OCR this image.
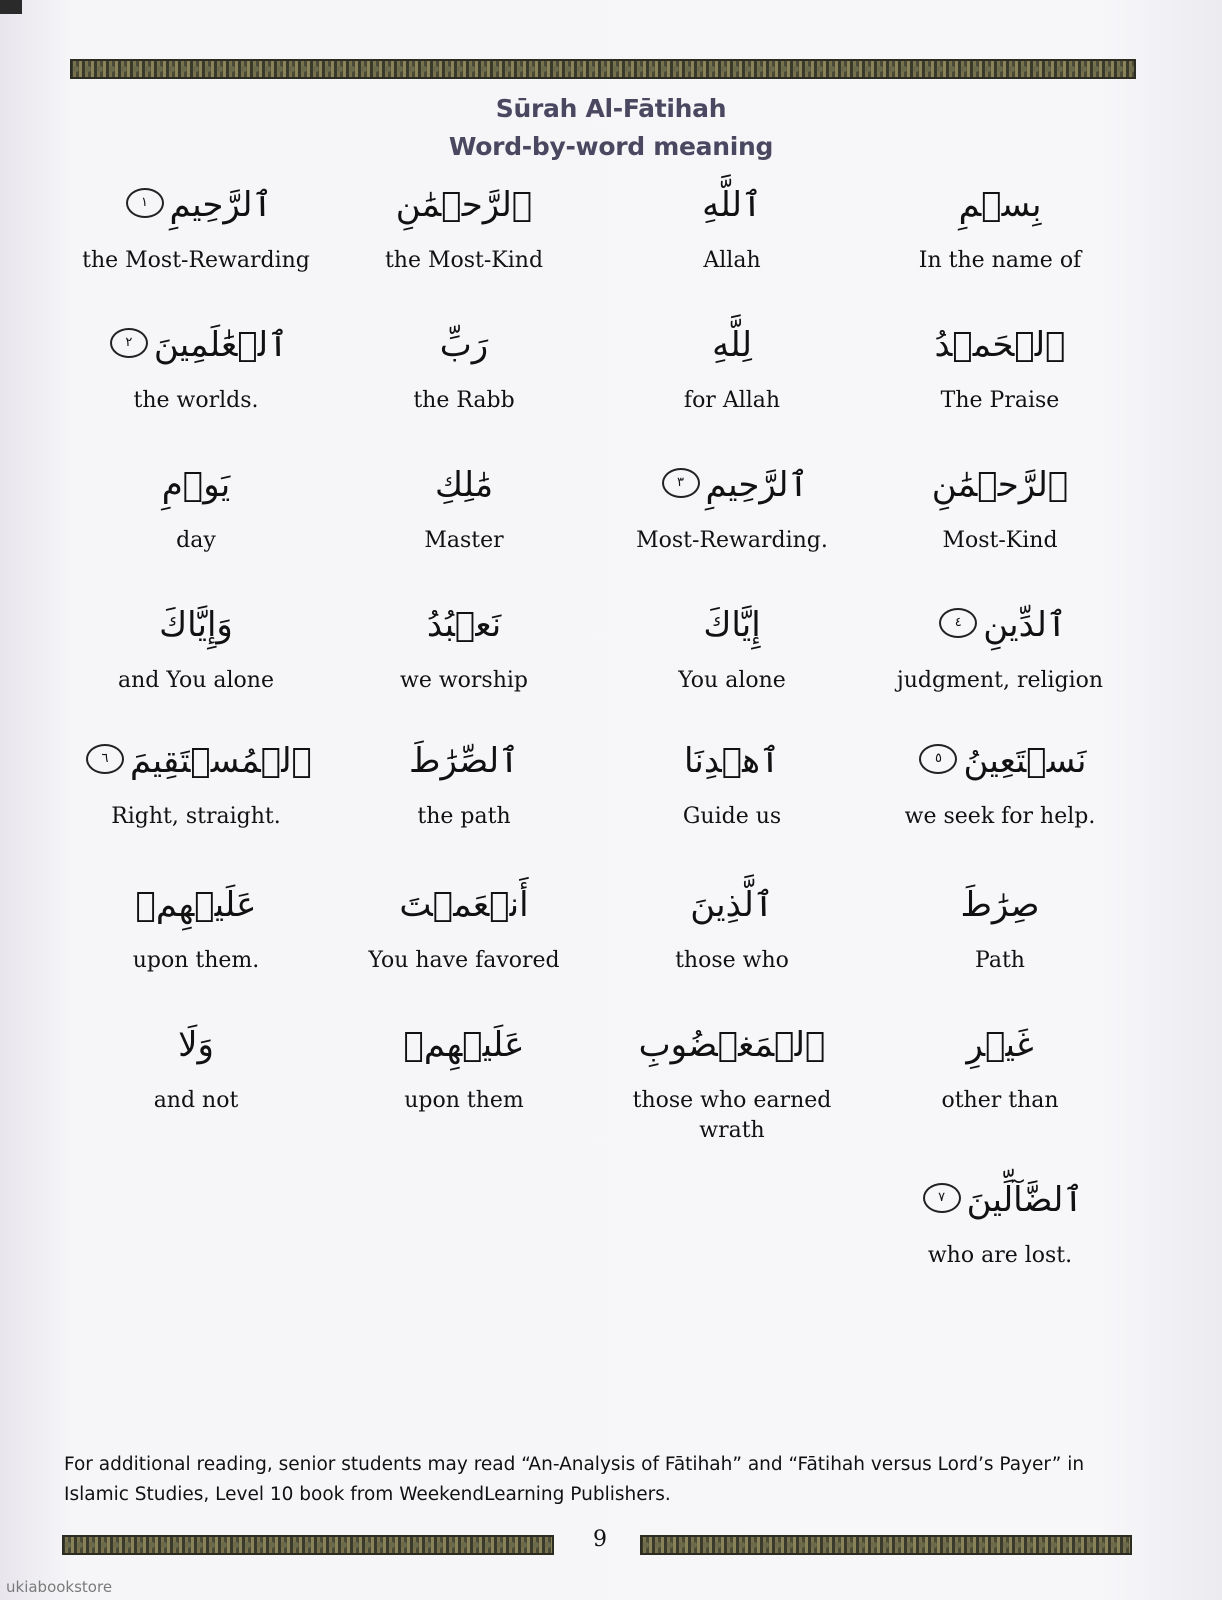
Sūrah Al-Fātihah
Word-by-word meaning
بِسۡمِ
In the name of
ٱللَّهِ
Allah
ٱلرَّحۡمَٰنِ
the Most-Kind
ٱلرَّحِيمِ١
the Most-Rewarding
ٱلۡحَمۡدُ
The Praise
لِلَّهِ
for Allah
رَبِّ
the Rabb
ٱلۡعَٰلَمِينَ٢
the worlds.
ٱلرَّحۡمَٰنِ
Most-Kind
ٱلرَّحِيمِ٣
Most-Rewarding.
مَٰلِكِ
Master
يَوۡمِ
day
ٱلدِّينِ٤
judgment, religion
إِيَّاكَ
You alone
نَعۡبُدُ
we worship
وَإِيَّاكَ
and You alone
نَسۡتَعِينُ٥
we seek for help.
ٱهۡدِنَا
Guide us
ٱلصِّرَٰطَ
the path
ٱلۡمُسۡتَقِيمَ٦
Right, straight.
صِرَٰطَ
Path
ٱلَّذِينَ
those who
أَنۡعَمۡتَ
You have favored
عَلَيۡهِمۡ
upon them.
غَيۡرِ
other than
ٱلۡمَغۡضُوبِ
those who earned wrath
عَلَيۡهِمۡ
upon them
وَلَا
and not
ٱلضَّآلِّينَ٧
who are lost.
For additional reading, senior students may read “An-Analysis of Fātihah” and “Fātihah versus Lord’s Payer” in Islamic Studies, Level 10 book from WeekendLearning Publishers.
9
ukiabookstore
